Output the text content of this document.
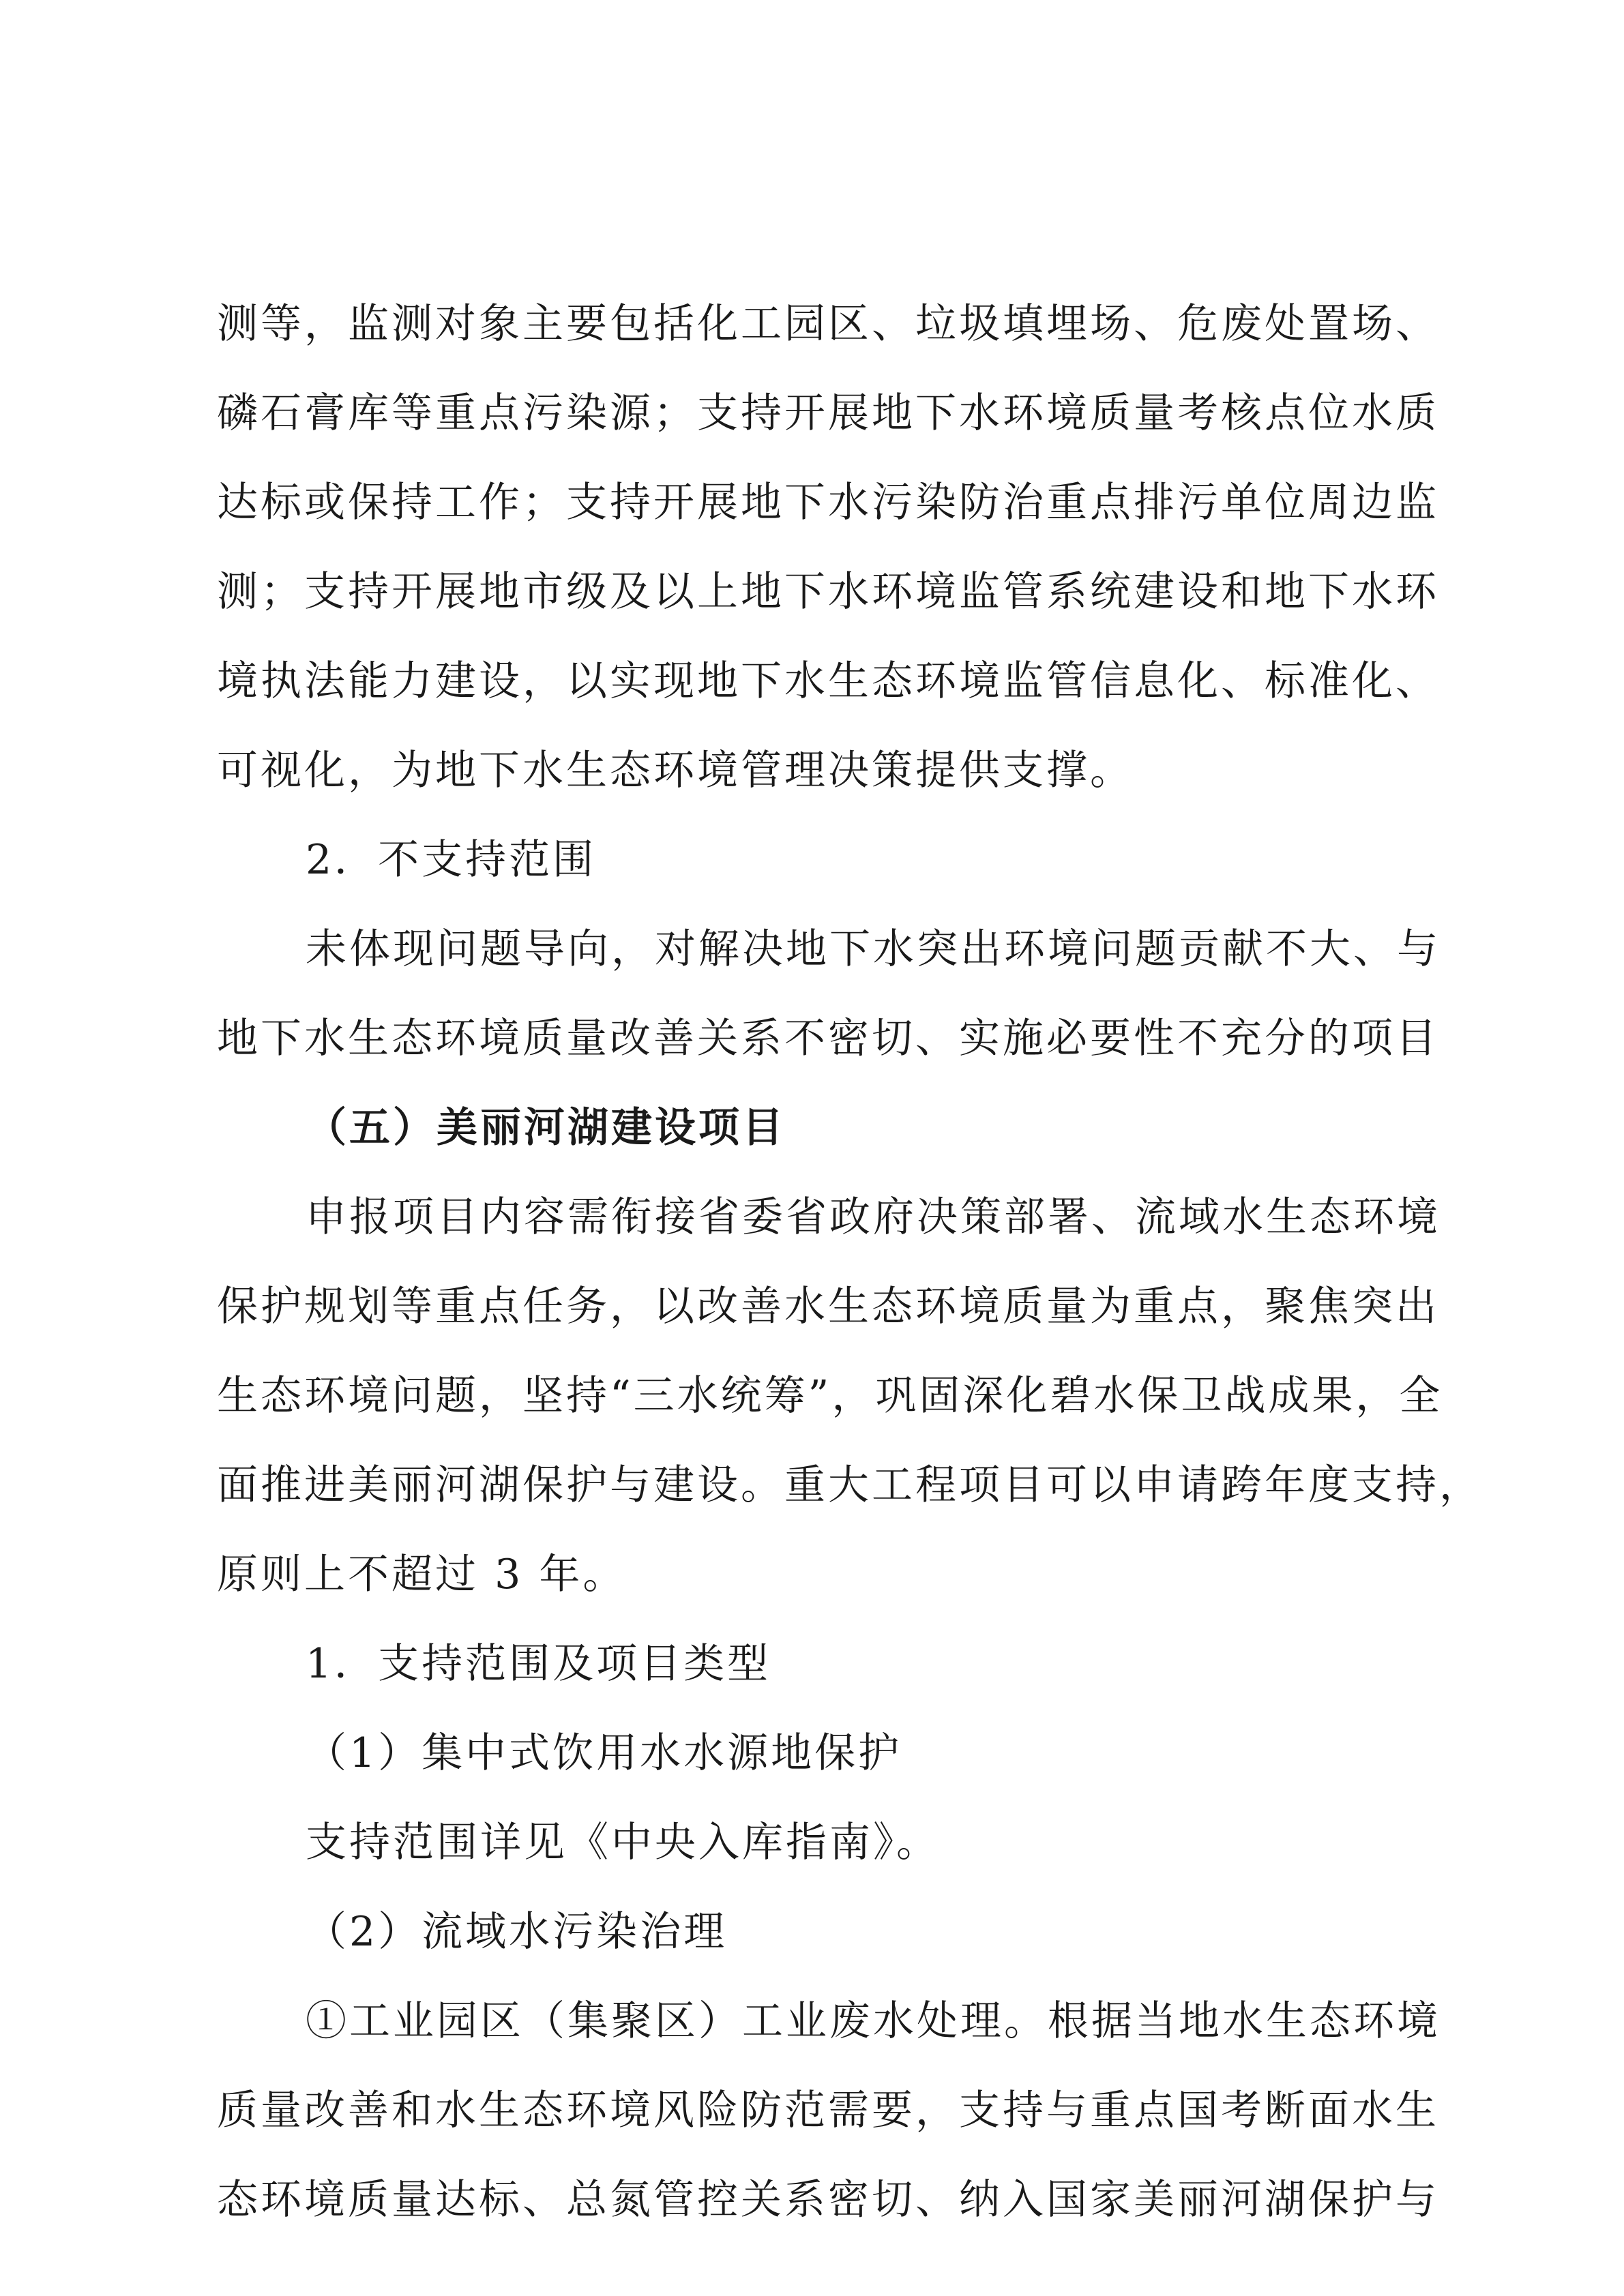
测等，监测对象主要包括化工园区、垃圾填埋场、危废处置场、
磷石膏库等重点污染源；支持开展地下水环境质量考核点位水质
达标或保持工作；支持开展地下水污染防治重点排污单位周边监
测；支持开展地市级及以上地下水环境监管系统建设和地下水环
境执法能力建设，以实现地下水生态环境监管信息化、标准化、
可视化，为地下水生态环境管理决策提供支撑。
2．不支持范围
未体现问题导向，对解决地下水突出环境问题贡献不大、与
地下水生态环境质量改善关系不密切、实施必要性不充分的项目
（五）美丽河湖建设项目
申报项目内容需衔接省委省政府决策部署、流域水生态环境
保护规划等重点任务，以改善水生态环境质量为重点，聚焦突出
生态环境问题，坚持“三水统筹”，巩固深化碧水保卫战成果，全
面推进美丽河湖保护与建设。重大工程项目可以申请跨年度支持，
原则上不超过 3 年。
1．支持范围及项目类型
（1）集中式饮用水水源地保护
支持范围详见《中央入库指南》。
（2）流域水污染治理
①工业园区（集聚区）工业废水处理。根据当地水生态环境
质量改善和水生态环境风险防范需要，支持与重点国考断面水生
态环境质量达标、总氮管控关系密切、纳入国家美丽河湖保护与
